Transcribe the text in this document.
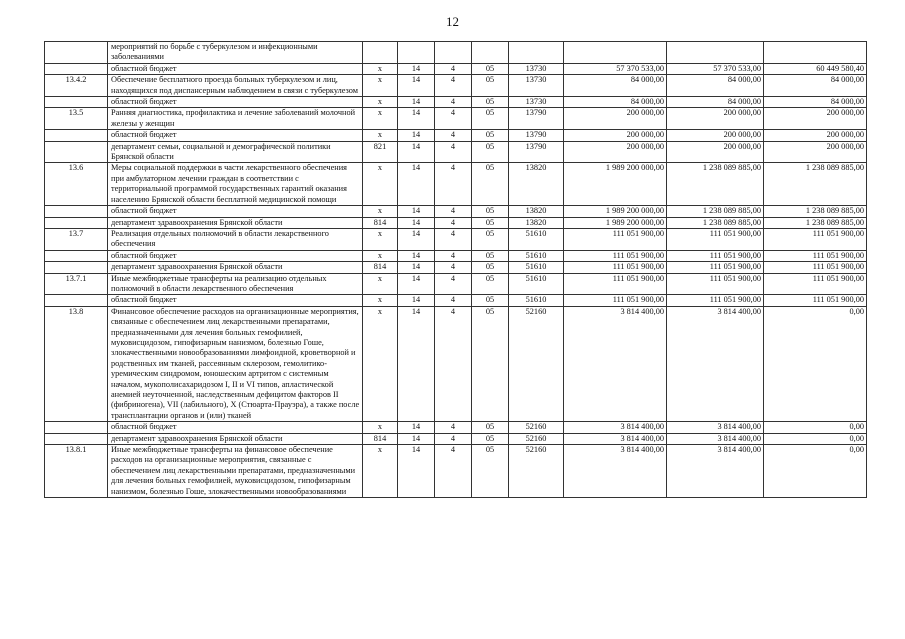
12
	мероприятий по борьбе с туберкулезом и инфекционными заболеваниями								
	областной бюджет	x	14	4	05	13730	57 370 533,00	57 370 533,00	60 449 580,40
13.4.2	Обеспечение бесплатного проезда больных туберкулезом и лиц, находящихся под диспансерным наблюдением в связи с туберкулезом	x	14	4	05	13730	84 000,00	84 000,00	84 000,00
	областной бюджет	x	14	4	05	13730	84 000,00	84 000,00	84 000,00
13.5	Ранняя диагностика, профилактика и лечение заболеваний молочной железы у женщин	x	14	4	05	13790	200 000,00	200 000,00	200 000,00
	областной бюджет	x	14	4	05	13790	200 000,00	200 000,00	200 000,00
	департамент семьи, социальной и демографической политики Брянской области	821	14	4	05	13790	200 000,00	200 000,00	200 000,00
13.6	Меры социальной поддержки в части лекарственного обеспечения при амбулаторном лечении граждан в соответствии с территориальной программой государственных гарантий оказания населению Брянской области бесплатной медицинской помощи	x	14	4	05	13820	1 989 200 000,00	1 238 089 885,00	1 238 089 885,00
	областной бюджет	x	14	4	05	13820	1 989 200 000,00	1 238 089 885,00	1 238 089 885,00
	департамент здравоохранения Брянской области	814	14	4	05	13820	1 989 200 000,00	1 238 089 885,00	1 238 089 885,00
13.7	Реализация отдельных полномочий в области лекарственного обеспечения	x	14	4	05	51610	111 051 900,00	111 051 900,00	111 051 900,00
	областной бюджет	x	14	4	05	51610	111 051 900,00	111 051 900,00	111 051 900,00
	департамент здравоохранения Брянской области	814	14	4	05	51610	111 051 900,00	111 051 900,00	111 051 900,00
13.7.1	Иные межбюджетные трансферты на реализацию отдельных полномочий в области лекарственного обеспечения	x	14	4	05	51610	111 051 900,00	111 051 900,00	111 051 900,00
	областной бюджет	x	14	4	05	51610	111 051 900,00	111 051 900,00	111 051 900,00
13.8	Финансовое обеспечение расходов на организационные мероприятия, связанные с обеспечением лиц лекарственными препаратами, предназначенными для лечения больных гемофилией, муковисцидозом, гипофизарным нанизмом, болезнью Гоше, злокачественными новообразованиями лимфоидной, кроветворной и родственных им тканей, рассеянным склерозом, гемолитико-уремическим синдромом, юношеским артритом с системным началом, мукополисахаридозом I, II и VI типов, апластической анемией неуточненной, наследственным дефицитом факторов II (фибриногена), VII (лабильного), X (Стюарта-Прауэра), а также после трансплантации органов и (или) тканей	x	14	4	05	52160	3 814 400,00	3 814 400,00	0,00
	областной бюджет	x	14	4	05	52160	3 814 400,00	3 814 400,00	0,00
	департамент здравоохранения Брянской области	814	14	4	05	52160	3 814 400,00	3 814 400,00	0,00
13.8.1	Иные межбюджетные трансферты на финансовое обеспечение расходов на организационные мероприятия, связанные с обеспечением лиц лекарственными препаратами, предназначенными для лечения больных гемофилией, муковисцидозом, гипофизарным нанизмом, болезнью Гоше, злокачественными новообразованиями	x	14	4	05	52160	3 814 400,00	3 814 400,00	0,00
